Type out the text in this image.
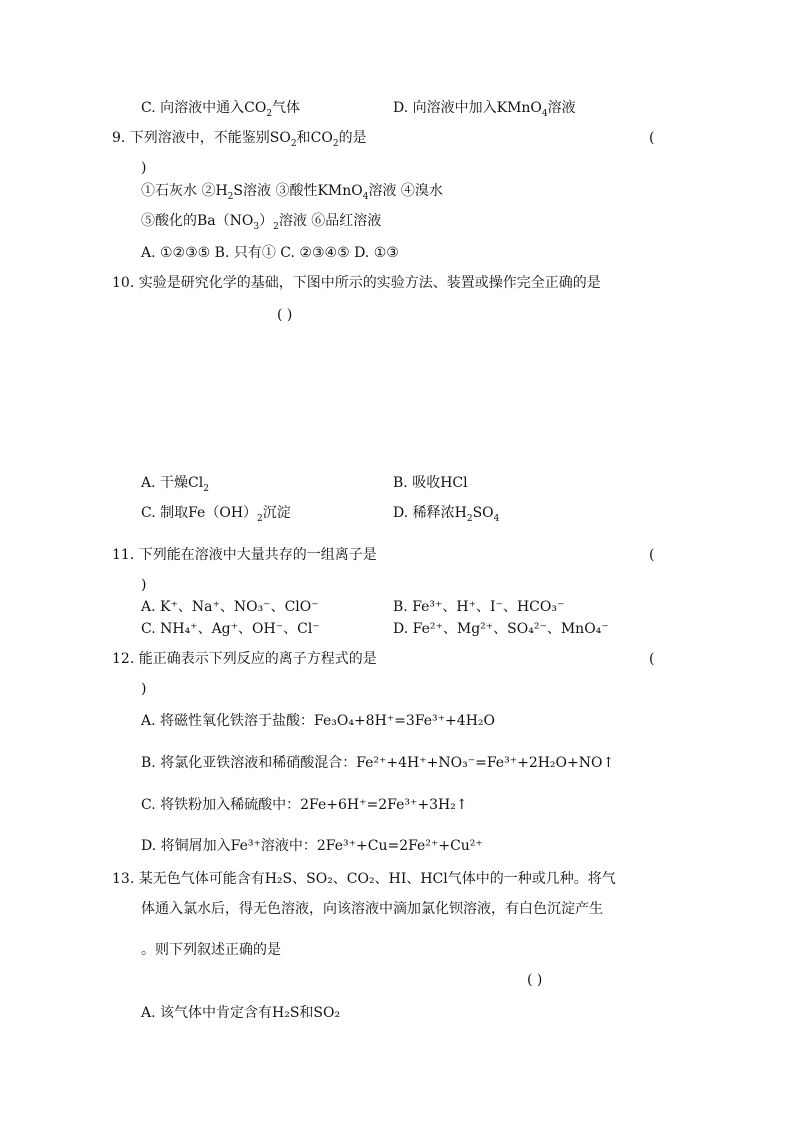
C. 向溶液中通入$CO_2$气体	D. 向溶液中加入KMnO$_4$溶液
9. 下列溶液中，不能鉴别$SO_2$和$CO_2$的是	(
)
①石灰水 $②H_2S$溶液 ③酸性KMnO$_4$溶液 ④溴水
⑤酸化的$Ba(NO_3)_2$溶液 ⑥品红溶液
A. ①②③⑤ B. 只有① C. ②③④⑤ D. ①③
10. 实验是研究化学的基础，下图中所示的实验方法、装置或操作完全正确的是
( )
A. 干燥$Cl_2$	B. 吸收HCl
C. 制取$Fe(OH)_2$沉淀	D. 稀释浓$H_2SO_4$
11. 下列能在溶液中大量共存的一组离子是	(
)
A. K⁺、Na⁺、NO₃⁻、ClO⁻	B. Fe³⁺、H⁺、I⁻、HCO₃⁻
C. NH₄⁺、Ag⁺、OH⁻、Cl⁻	D. Fe²⁺、Mg²⁺、SO₄²⁻、MnO₄⁻
12. 能正确表示下列反应的离子方程式的是	(
)
A. 将磁性氧化铁溶于盐酸：Fe₃O₄+8H⁺=3Fe³⁺+4H₂O
B. 将氯化亚铁溶液和稀硝酸混合：Fe²⁺+4H⁺+NO₃⁻=Fe³⁺+2H₂O+NO↑
C. 将铁粉加入稀硫酸中：2Fe+6H⁺=2Fe³⁺+3H₂↑
D. 将铜屑加入Fe³⁺溶液中：2Fe³⁺+Cu=2Fe²⁺+Cu²⁺
13. 某无色气体可能含有H₂S、SO₂、CO₂、HI、HCl气体中的一种或几种。将气
体通入氯水后，得无色溶液，向该溶液中滴加氯化钡溶液，有白色沉淀产生
。则下列叙述正确的是
( )
A. 该气体中肯定含有H₂S和SO₂
